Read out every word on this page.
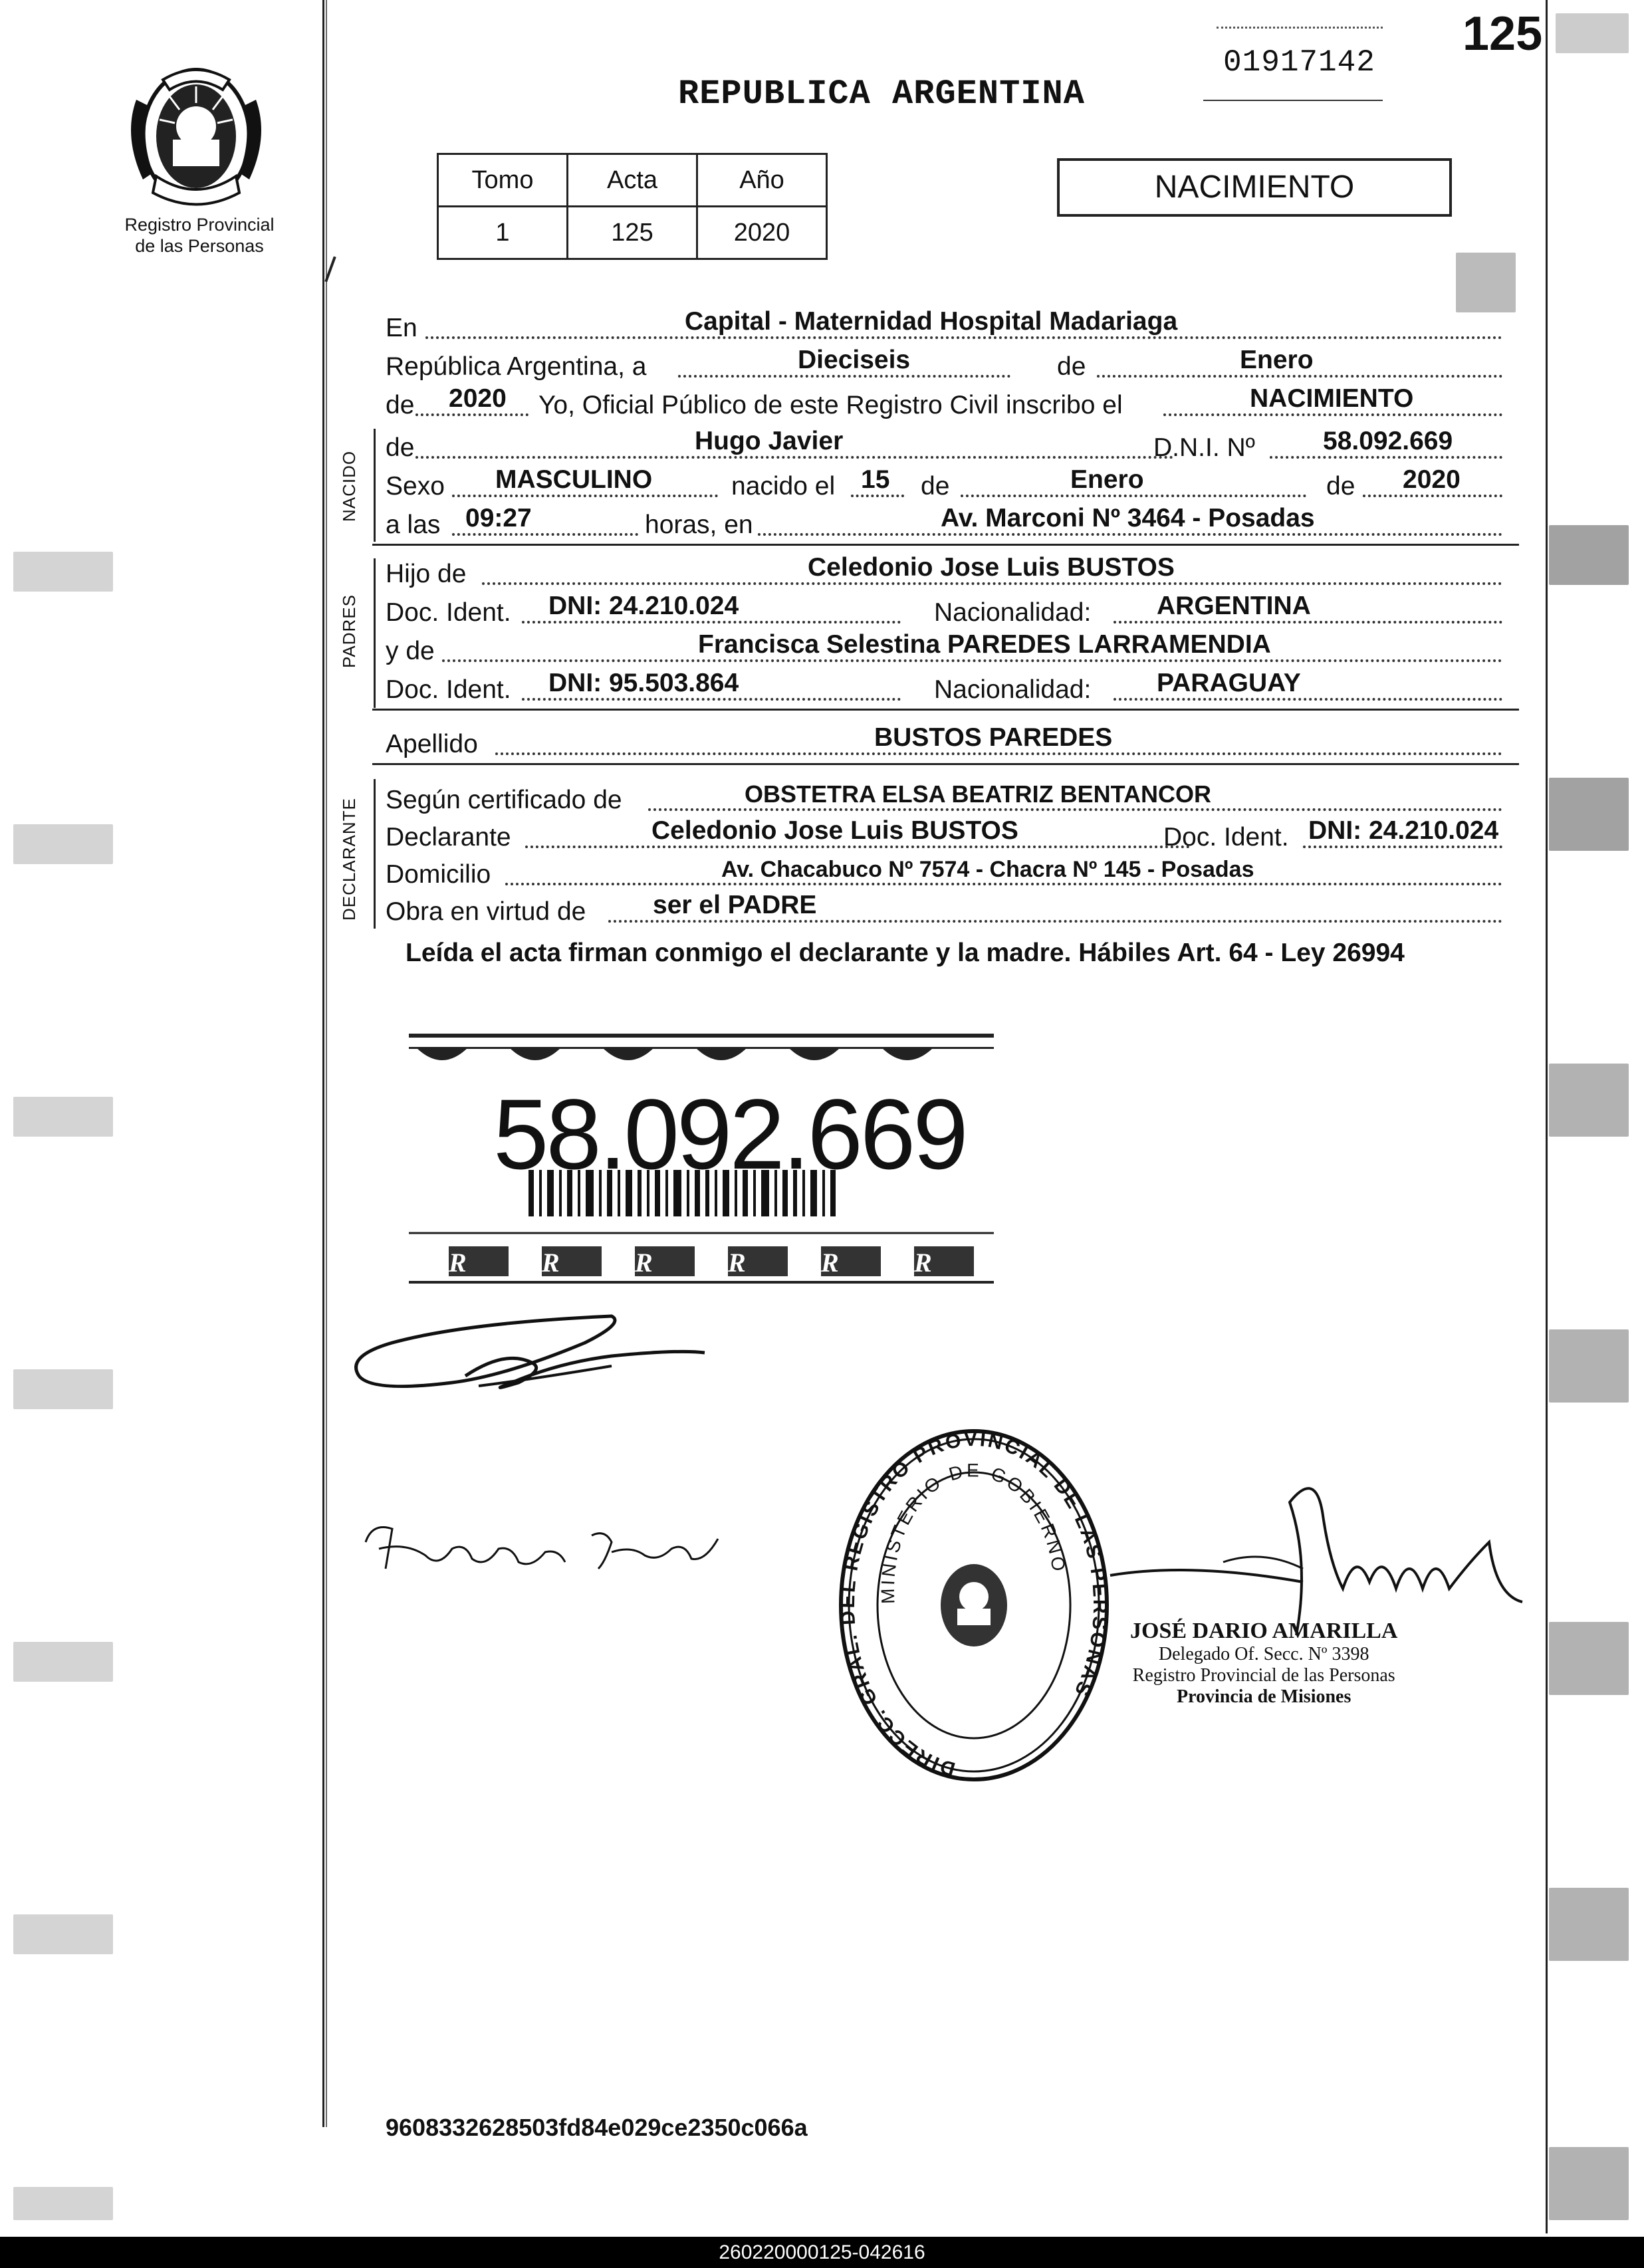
Registro Provincial
de las Personas
125
01917142
REPUBLICA ARGENTINA
Tomo	Acta	Año
1	125	2020
NACIMIENTO
En	Capital - Maternidad Hospital Madariaga
República Argentina, a	Dieciseis	de	Enero
de 2020 Yo, Oficial Público de este Registro Civil inscribo el	NACIMIENTO
NACIDO
de	Hugo Javier	D.N.I. Nº	58.092.669
Sexo MASCULINO	nacido el 15 de	Enero	de 2020
a las 09:27	horas, en	Av. Marconi Nº 3464 - Posadas
PADRES
Hijo de	Celedonio Jose Luis BUSTOS
Doc. Ident. DNI: 24.210.024	Nacionalidad:	ARGENTINA
y de	Francisca Selestina PAREDES LARRAMENDIA
Doc. Ident. DNI: 95.503.864	Nacionalidad:	PARAGUAY
Apellido	BUSTOS PAREDES
DECLARANTE Según certificado de	OBSTETRA ELSA BEATRIZ BENTANCOR
Declarante	Celedonio Jose Luis BUSTOS	Doc. Ident. DNI: 24.210.024
Domicilio	Av. Chacabuco Nº 7574 - Chacra Nº 145 - Posadas
Obra en virtud de	ser el PADRE
Leída el acta firman conmigo el declarante y la madre. Hábiles Art. 64 - Ley 26994
58.092.669
R	R	R	R	R	R
DIRECC. GRAL. DEL REGISTRO PROVINCIAL DE LAS PERSONAS
MINISTERIO DE GOBIERNO
JOSÉ DARIO AMARILLA
Delegado Of. Secc. Nº 3398
Registro Provincial de las Personas
Provincia de Misiones
9608332628503fd84e029ce2350c066a
260220000125-042616
